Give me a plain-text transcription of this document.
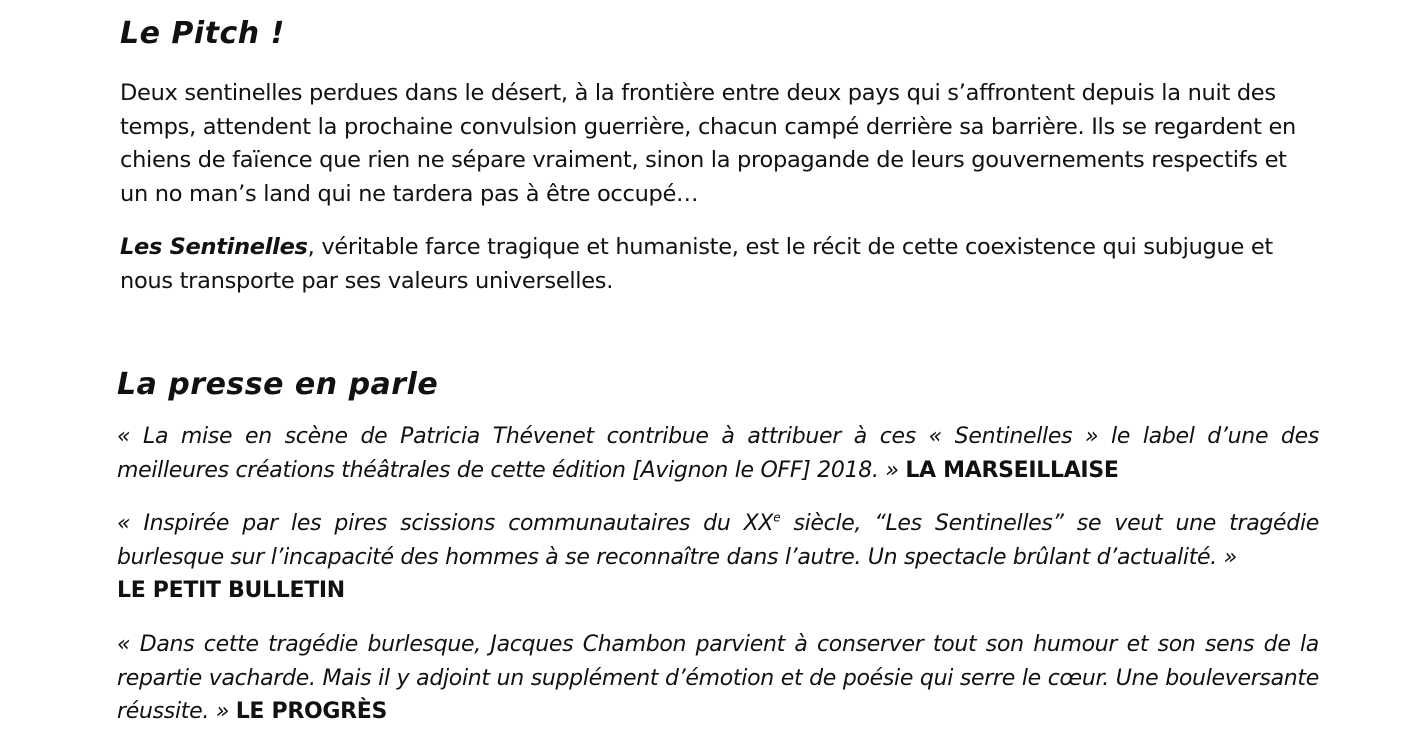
Le Pitch !

Deux sentinelles perdues dans le désert, à la frontière entre deux pays qui s’affrontent depuis la nuit des temps, attendent la prochaine convulsion guerrière, chacun campé derrière sa barrière. Ils se regardent en chiens de faïence que rien ne sépare vraiment, sinon la propagande de leurs gouvernements respectifs et un no man’s land qui ne tardera pas à être occupé…

Les Sentinelles, véritable farce tragique et humaniste, est le récit de cette coexistence qui subjugue et nous transporte par ses valeurs universelles.

La presse en parle

« La mise en scène de Patricia Thévenet contribue à attribuer à ces « Sentinelles » le label d’une des meilleures créations théâtrales de cette édition [Avignon le OFF] 2018. » LA MARSEILLAISE

« Inspirée par les pires scissions communautaires du XXe siècle, “Les Sentinelles” se veut une tragédie burlesque sur l’incapacité des hommes à se reconnaître dans l’autre. Un spectacle brûlant d’actualité. »
LE PETIT BULLETIN

« Dans cette tragédie burlesque, Jacques Chambon parvient à conserver tout son humour et son sens de la repartie vacharde. Mais il y adjoint un supplément d’émotion et de poésie qui serre le cœur. Une bouleversante réussite. » LE PROGRÈS
